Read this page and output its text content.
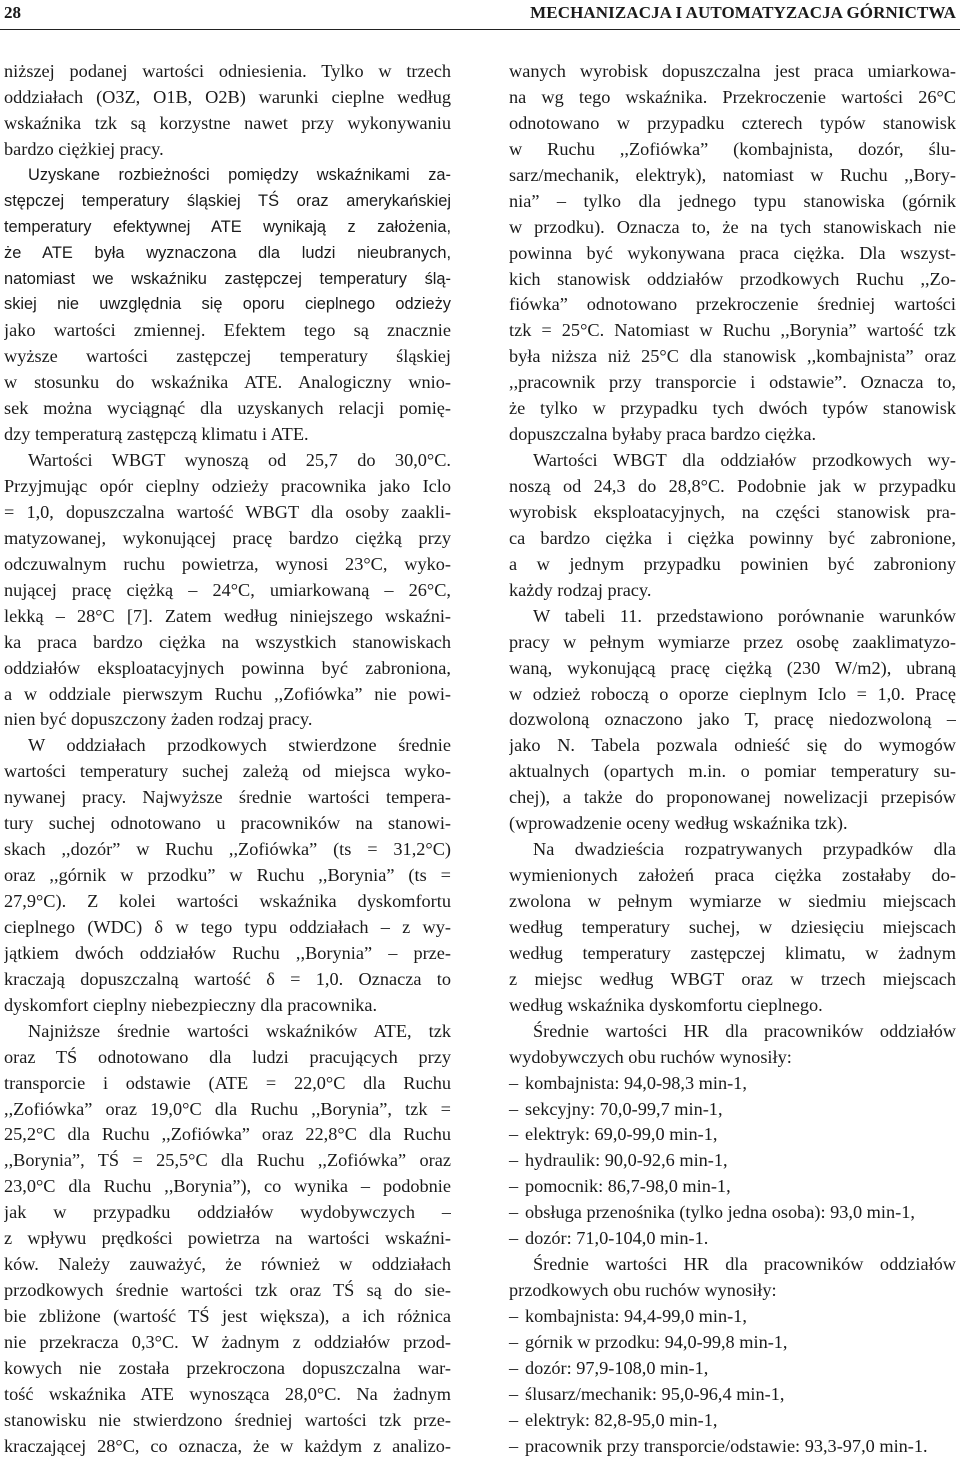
28	MECHANIZACJA I AUTOMATYZACJA GÓRNICTWA
niższej podanej wartości odniesienia. Tylko w trzech
oddziałach (O3Z, O1B, O2B) warunki cieplne według
wskaźnika tzk są korzystne nawet przy wykonywaniu
bardzo ciężkiej pracy.
Uzyskane rozbieżności pomiędzy wskaźnikami za-
stępczej temperatury śląskiej TŚ oraz amerykańskiej
temperatury efektywnej ATE wynikają z założenia,
że ATE była wyznaczona dla ludzi nieubranych,
natomiast we wskaźniku zastępczej temperatury ślą-
skiej nie uwzględnia się oporu cieplnego odzieży
jako wartości zmiennej. Efektem tego są znacznie
wyższe wartości zastępczej temperatury śląskiej
w stosunku do wskaźnika ATE. Analogiczny wnio-
sek można wyciągnąć dla uzyskanych relacji pomię-
dzy temperaturą zastępczą klimatu i ATE.
Wartości WBGT wynoszą od 25,7 do 30,0°C.
Przyjmując opór cieplny odzieży pracownika jako Iclo
= 1,0, dopuszczalna wartość WBGT dla osoby zaakli-
matyzowanej, wykonującej pracę bardzo ciężką przy
odczuwalnym ruchu powietrza, wynosi 23°C, wyko-
nującej pracę ciężką – 24°C, umiarkowaną – 26°C,
lekką – 28°C [7]. Zatem według niniejszego wskaźni-
ka praca bardzo ciężka na wszystkich stanowiskach
oddziałów eksploatacyjnych powinna być zabroniona,
a w oddziale pierwszym Ruchu ,,Zofiówka” nie powi-
nien być dopuszczony żaden rodzaj pracy.
W oddziałach przodkowych stwierdzone średnie
wartości temperatury suchej zależą od miejsca wyko-
nywanej pracy. Najwyższe średnie wartości tempera-
tury suchej odnotowano u pracowników na stanowi-
skach ,,dozór” w Ruchu ,,Zofiówka” (ts = 31,2°C)
oraz ,,górnik w przodku” w Ruchu ,,Borynia” (ts =
27,9°C). Z kolei wartości wskaźnika dyskomfortu
cieplnego (WDC) δ w tego typu oddziałach – z wy-
jątkiem dwóch oddziałów Ruchu ,,Borynia” – prze-
kraczają dopuszczalną wartość δ = 1,0. Oznacza to
dyskomfort cieplny niebezpieczny dla pracownika.
Najniższe średnie wartości wskaźników ATE, tzk
oraz TŚ odnotowano dla ludzi pracujących przy
transporcie i odstawie (ATE = 22,0°C dla Ruchu
,,Zofiówka” oraz 19,0°C dla Ruchu ,,Borynia”, tzk =
25,2°C dla Ruchu ,,Zofiówka” oraz 22,8°C dla Ruchu
,,Borynia”, TŚ = 25,5°C dla Ruchu ,,Zofiówka” oraz
23,0°C dla Ruchu ,,Borynia”), co wynika – podobnie
jak w przypadku oddziałów wydobywczych –
z wpływu prędkości powietrza na wartości wskaźni-
ków. Należy zauważyć, że również w oddziałach
przodkowych średnie wartości tzk oraz TŚ są do sie-
bie zbliżone (wartość TŚ jest większa), a ich różnica
nie przekracza 0,3°C. W żadnym z oddziałów przod-
kowych nie została przekroczona dopuszczalna war-
tość wskaźnika ATE wynosząca 28,0°C. Na żadnym
stanowisku nie stwierdzono średniej wartości tzk prze-
kraczającej 28°C, co oznacza, że w każdym z analizo-
wanych wyrobisk dopuszczalna jest praca umiarkowa-
na wg tego wskaźnika. Przekroczenie wartości 26°C
odnotowano w przypadku czterech typów stanowisk
w Ruchu ,,Zofiówka” (kombajnista, dozór, ślu-
sarz/mechanik, elektryk), natomiast w Ruchu ,,Bory-
nia” – tylko dla jednego typu stanowiska (górnik
w przodku). Oznacza to, że na tych stanowiskach nie
powinna być wykonywana praca ciężka. Dla wszyst-
kich stanowisk oddziałów przodkowych Ruchu ,,Zo-
fiówka” odnotowano przekroczenie średniej wartości
tzk = 25°C. Natomiast w Ruchu ,,Borynia” wartość tzk
była niższa niż 25°C dla stanowisk ,,kombajnista” oraz
,,pracownik przy transporcie i odstawie”. Oznacza to,
że tylko w przypadku tych dwóch typów stanowisk
dopuszczalna byłaby praca bardzo ciężka.
Wartości WBGT dla oddziałów przodkowych wy-
noszą od 24,3 do 28,8°C. Podobnie jak w przypadku
wyrobisk eksploatacyjnych, na części stanowisk pra-
ca bardzo ciężka i ciężka powinny być zabronione,
a w jednym przypadku powinien być zabroniony
każdy rodzaj pracy.
W tabeli 11. przedstawiono porównanie warunków
pracy w pełnym wymiarze przez osobę zaaklimatyzo-
waną, wykonującą pracę ciężką (230 W/m2), ubraną
w odzież roboczą o oporze cieplnym Iclo = 1,0. Pracę
dozwoloną oznaczono jako T, pracę niedozwoloną –
jako N. Tabela pozwala odnieść się do wymogów
aktualnych (opartych m.in. o pomiar temperatury su-
chej), a także do proponowanej nowelizacji przepisów
(wprowadzenie oceny według wskaźnika tzk).
Na dwadzieścia rozpatrywanych przypadków dla
wymienionych założeń praca ciężka zostałaby do-
zwolona w pełnym wymiarze w siedmiu miejscach
według temperatury suchej, w dziesięciu miejscach
według temperatury zastępczej klimatu, w żadnym
z miejsc według WBGT oraz w trzech miejscach
według wskaźnika dyskomfortu cieplnego.
Średnie wartości HR dla pracowników oddziałów
wydobywczych obu ruchów wynosiły:
– kombajnista: 94,0-98,3 min-1,
– sekcyjny: 70,0-99,7 min-1,
– elektryk: 69,0-99,0 min-1,
– hydraulik: 90,0-92,6 min-1,
– pomocnik: 86,7-98,0 min-1,
– obsługa przenośnika (tylko jedna osoba): 93,0 min-1,
– dozór: 71,0-104,0 min-1.
Średnie wartości HR dla pracowników oddziałów
przodkowych obu ruchów wynosiły:
– kombajnista: 94,4-99,0 min-1,
– górnik w przodku: 94,0-99,8 min-1,
– dozór: 97,9-108,0 min-1,
– ślusarz/mechanik: 95,0-96,4 min-1,
– elektryk: 82,8-95,0 min-1,
– pracownik przy transporcie/odstawie: 93,3-97,0 min-1.
